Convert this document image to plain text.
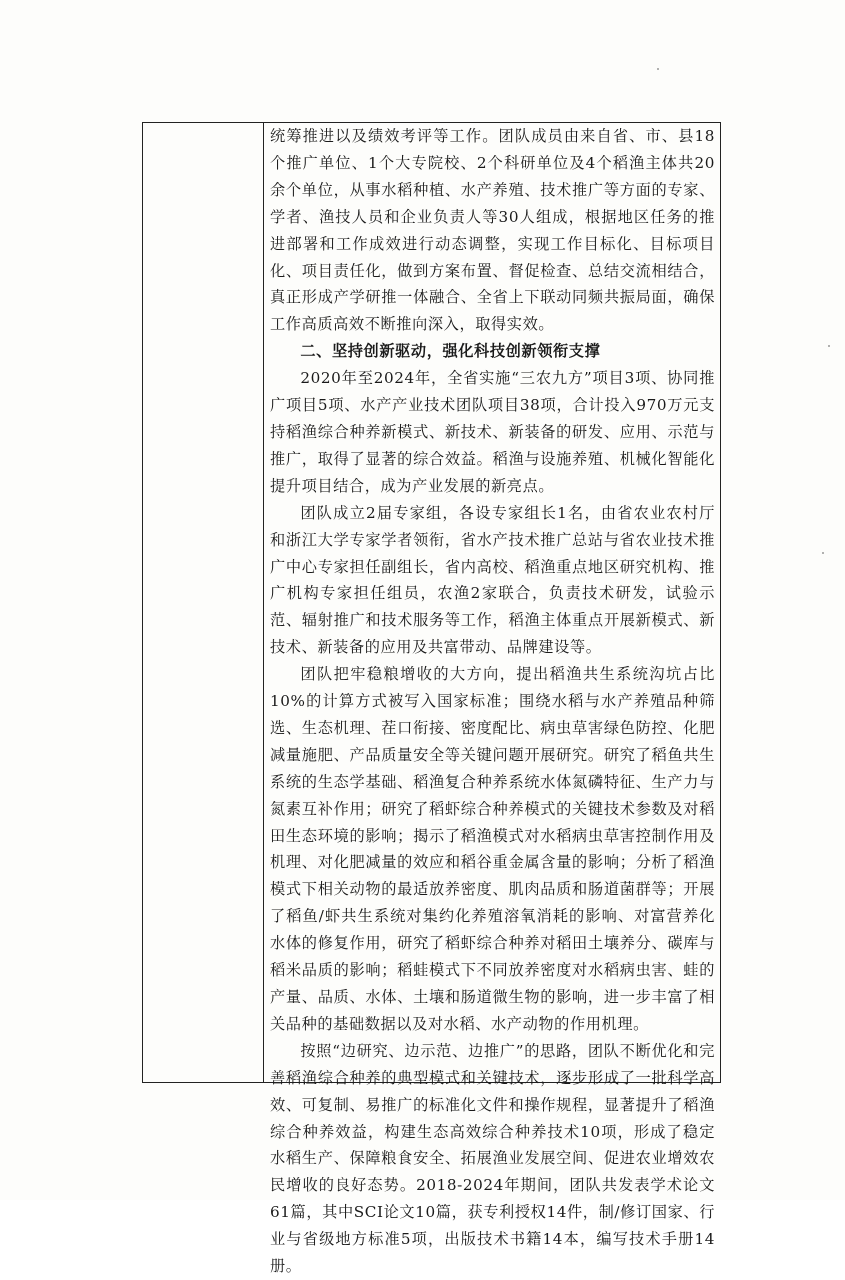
统筹推进以及绩效考评等工作。团队成员由来自省、市、县18个推广单位、1个大专院校、2个科研单位及4个稻渔主体共20余个单位，从事水稻种植、水产养殖、技术推广等方面的专家、学者、渔技人员和企业负责人等30人组成，根据地区任务的推进部署和工作成效进行动态调整，实现工作目标化、目标项目化、项目责任化，做到方案布置、督促检查、总结交流相结合，真正形成产学研推一体融合、全省上下联动同频共振局面，确保工作高质高效不断推向深入，取得实效。

二、坚持创新驱动，强化科技创新领衔支撑

2020年至2024年，全省实施“三农九方”项目3项、协同推广项目5项、水产产业技术团队项目38项，合计投入970万元支持稻渔综合种养新模式、新技术、新装备的研发、应用、示范与推广，取得了显著的综合效益。稻渔与设施养殖、机械化智能化提升项目结合，成为产业发展的新亮点。

团队成立2届专家组，各设专家组长1名，由省农业农村厅和浙江大学专家学者领衔，省水产技术推广总站与省农业技术推广中心专家担任副组长，省内高校、稻渔重点地区研究机构、推广机构专家担任组员，农渔2家联合，负责技术研发，试验示范、辐射推广和技术服务等工作，稻渔主体重点开展新模式、新技术、新装备的应用及共富带动、品牌建设等。

团队把牢稳粮增收的大方向，提出稻渔共生系统沟坑占比10%的计算方式被写入国家标准；围绕水稻与水产养殖品种筛选、生态机理、茬口衔接、密度配比、病虫草害绿色防控、化肥减量施肥、产品质量安全等关键问题开展研究。研究了稻鱼共生系统的生态学基础、稻渔复合种养系统水体氮磷特征、生产力与氮素互补作用；研究了稻虾综合种养模式的关键技术参数及对稻田生态环境的影响；揭示了稻渔模式对水稻病虫草害控制作用及机理、对化肥减量的效应和稻谷重金属含量的影响；分析了稻渔模式下相关动物的最适放养密度、肌肉品质和肠道菌群等；开展了稻鱼/虾共生系统对集约化养殖溶氧消耗的影响、对富营养化水体的修复作用，研究了稻虾综合种养对稻田土壤养分、碳库与稻米品质的影响；稻蛙模式下不同放养密度对水稻病虫害、蛙的产量、品质、水体、土壤和肠道微生物的影响，进一步丰富了相关品种的基础数据以及对水稻、水产动物的作用机理。

按照“边研究、边示范、边推广”的思路，团队不断优化和完善稻渔综合种养的典型模式和关键技术，逐步形成了一批科学高效、可复制、易推广的标准化文件和操作规程，显著提升了稻渔综合种养效益，构建生态高效综合种养技术10项，形成了稳定水稻生产、保障粮食安全、拓展渔业发展空间、促进农业增效农民增收的良好态势。2018-2024年期间，团队共发表学术论文61篇，其中SCI论文10篇，获专利授权14件，制/修订国家、行业与省级地方标准5项，出版技术书籍14本，编写技术手册14册。
